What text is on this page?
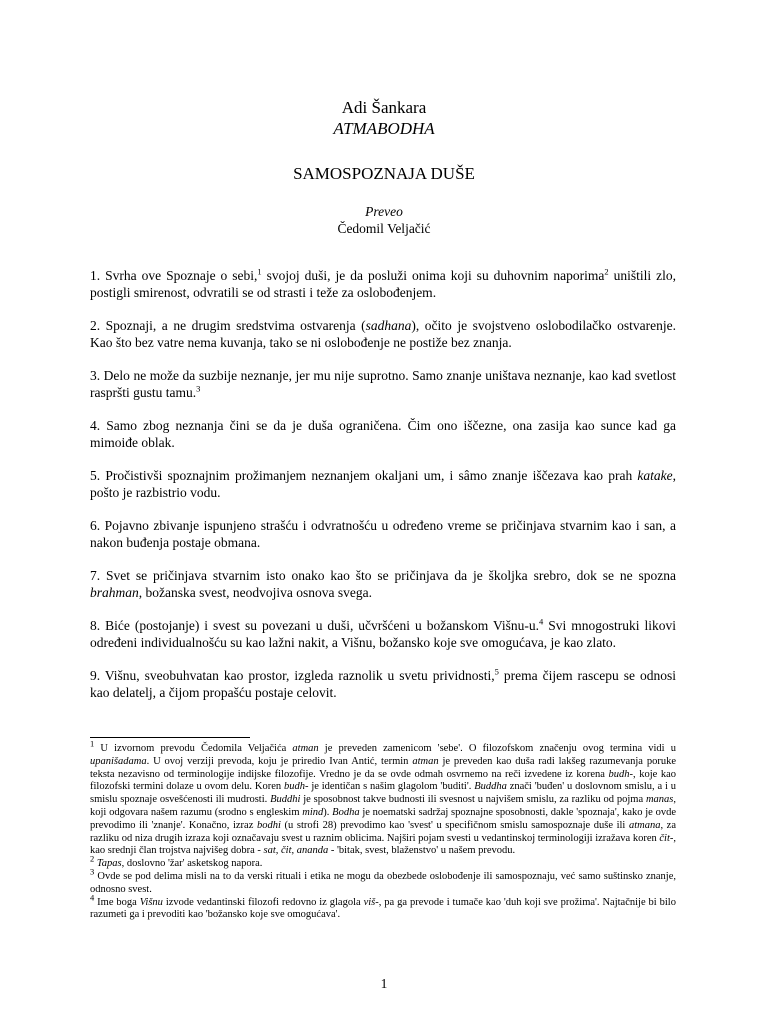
Adi Šankara
ATMABODHA
SAMOSPOZNAJA DUŠE
Preveo
Čedomil Veljačić

1. Svrha ove Spoznaje o sebi,$^1$ svojoj duši, je da posluži onima koji su duhovnim naporima$^2$ uništili zlo, postigli smirenost, odvratili se od strasti i teže za oslobođenjem.

2. Spoznaji, a ne drugim sredstvima ostvarenja (sadhana), očito je svojstveno oslobodilačko ostvarenje. Kao što bez vatre nema kuvanja, tako se ni oslobođenje ne postiže bez znanja.

3. Delo ne može da suzbije neznanje, jer mu nije suprotno. Samo znanje uništava neznanje, kao kad svetlost raspršti gustu tamu.$^3$

4. Samo zbog neznanja čini se da je duša ograničena. Čim ono iščezne, ona zasija kao sunce kad ga mimoiđe oblak.

5. Pročistivši spoznajnim prožimanjem neznanjem okaljani um, i sâmo znanje iščezava kao prah katake, pošto je razbistrio vodu.

6. Pojavno zbivanje ispunjeno strašću i odvratnošću u određeno vreme se pričinjava stvarnim kao i san, a nakon buđenja postaje obmana.

7. Svet se pričinjava stvarnim isto onako kao što se pričinjava da je školjka srebro, dok se ne spozna brahman, božanska svest, neodvojiva osnova svega.

8. Biće (postojanje) i svest su povezani u duši, učvršćeni u božanskom Višnu-u.$^4$ Svi mnogostruki likovi određeni individualnošću su kao lažni nakit, a Višnu, božansko koje sve omogućava, je kao zlato.

9. Višnu, sveobuhvatan kao prostor, izgleda raznolik u svetu prividnosti,$^5$ prema čijem rascepu se odnosi kao delatelj, a čijom propašću postaje celovit.

$^1$ U izvornom prevodu Čedomila Veljačića atman je preveden zamenicom 'sebe'. O filozofskom značenju ovog termina vidi u upanišadama. U ovoj verziji prevoda, koju je priredio Ivan Antić, termin atman je preveden kao duša radi lakšeg razumevanja poruke teksta nezavisno od terminologije indijske filozofije. Vredno je da se ovde odmah osvrnemo na reči izvedene iz korena budh-, koje kao filozofski termini dolaze u ovom delu. Koren budh- je identičan s našim glagolom 'buditi'. Buddha znači 'buđen' u doslovnom smislu, a i u smislu spoznaje osvešćenosti ili mudrosti. Buddhi je sposobnost takve budnosti ili svesnost u najvišem smislu, za razliku od pojma manas, koji odgovara našem razumu (srodno s engleskim mind). Bodha je noematski sadržaj spoznajne sposobnosti, dakle 'spoznaja', kako je ovde prevodimo ili 'znanje'. Konačno, izraz bodhi (u strofi 28) prevodimo kao 'svest' u specifičnom smislu samospoznaje duše ili atmana, za razliku od niza drugih izraza koji označavaju svest u raznim oblicima. Najširi pojam svesti u vedantinskoj terminologiji izražava koren čit-, kao srednji član trojstva najvišeg dobra - sat, čit, ananda - 'bitak, svest, blaženstvo' u našem prevodu.

$^2$ Tapas, doslovno 'žar' asketskog napora.

$^3$ Ovde se pod delima misli na to da verski rituali i etika ne mogu da obezbede oslobođenje ili samospoznaju, već samo suštinsko znanje, odnosno svest.

$^4$ Ime boga Višnu izvode vedantinski filozofi redovno iz glagola viš-, pa ga prevode i tumače kao 'duh koji sve prožima'. Najtačnije bi bilo razumeti ga i prevoditi kao 'božansko koje sve omogućava'.

1
